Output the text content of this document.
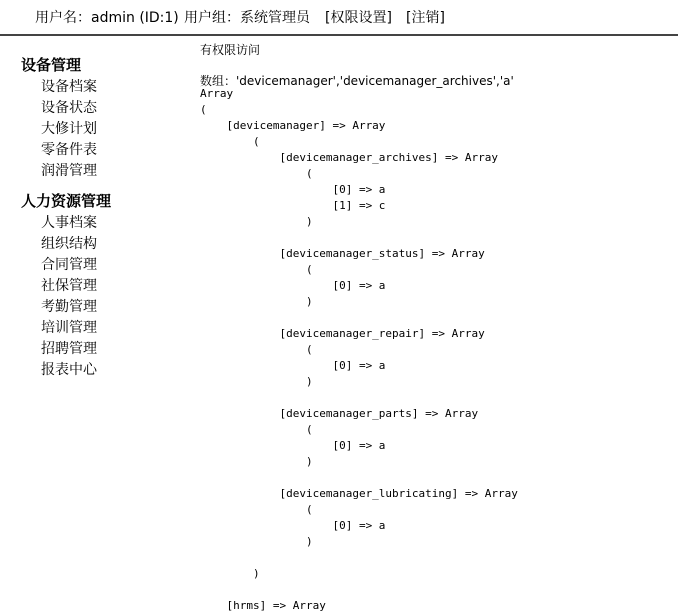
用户名：admin (ID:1) 用户组：系统管理员 [权限设置] [注销]
设备管理
设备档案
设备状态
大修计划
零备件表
润滑管理
人力资源管理
人事档案
组织结构
合同管理
社保管理
考勤管理
培训管理
招聘管理
报表中心
有权限访问
数组：'devicemanager','devicemanager_archives','a'
Array
(
[devicemanager] => Array
(
[devicemanager_archives] => Array
(
[0] => a
[1] => c
)

[devicemanager_status] => Array
(
[0] => a
)

[devicemanager_repair] => Array
(
[0] => a
)

[devicemanager_parts] => Array
(
[0] => a
)

[devicemanager_lubricating] => Array
(
[0] => a
)

)

[hrms] => Array
